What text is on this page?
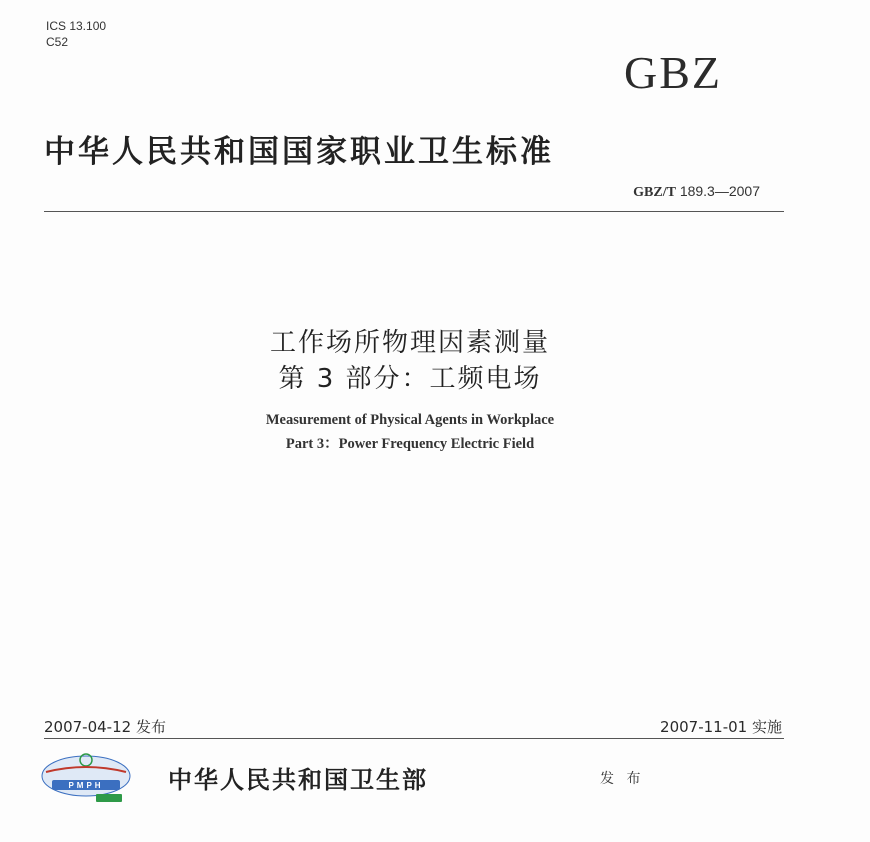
ICS 13.100
C52
GBZ
中华人民共和国国家职业卫生标准
GBZ/T 189.3—2007
工作场所物理因素测量
第 3 部分：工频电场
Measurement of Physical Agents in Workplace
Part 3：Power Frequency Electric Field
2007-04-12 发布	2007-11-01 实施
PMPH	中华人民共和国卫生部	发 布
